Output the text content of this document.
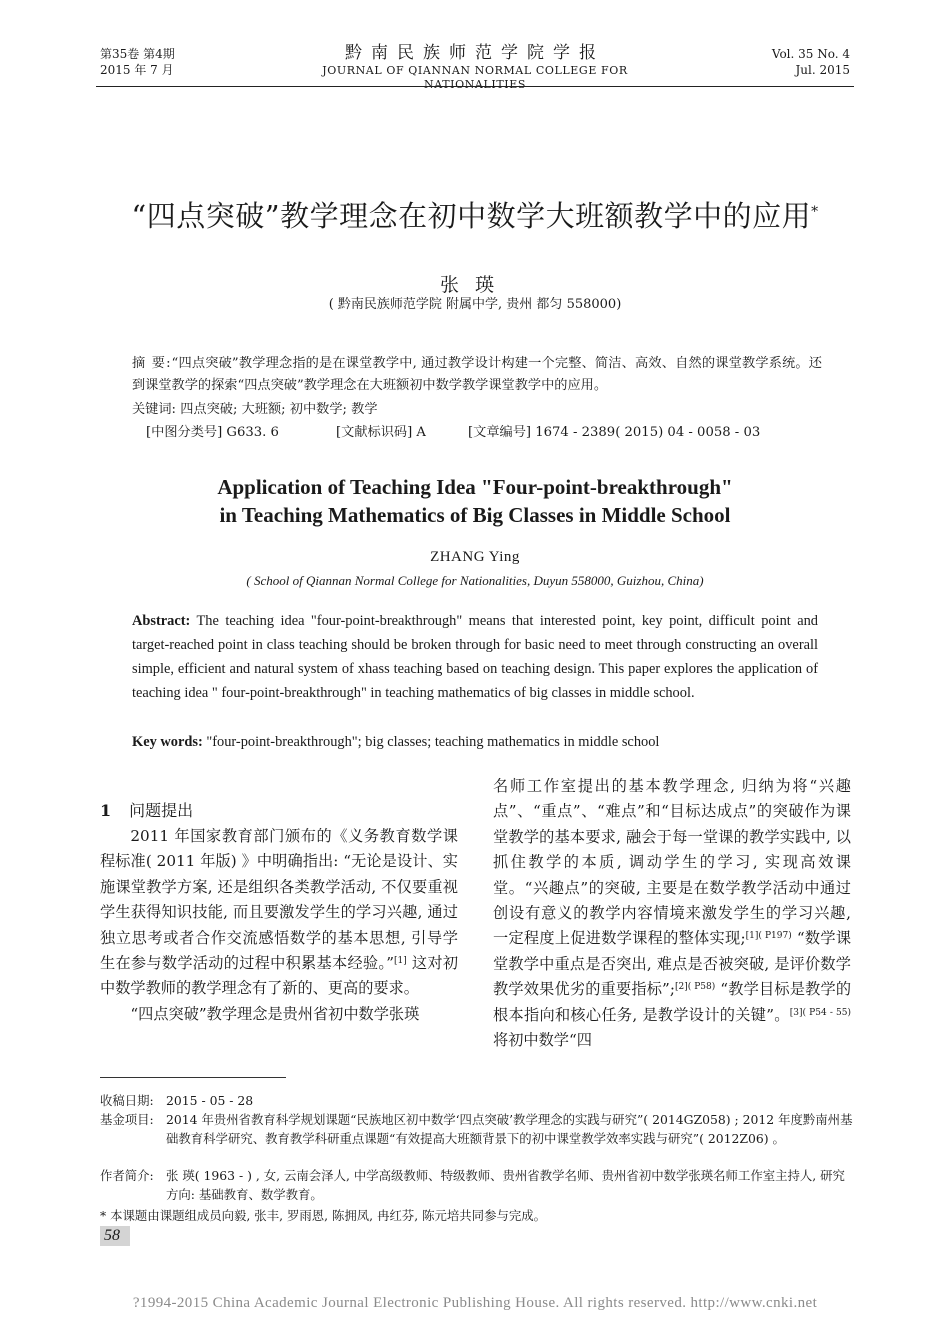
第35卷 第4期
2015 年 7 月
黔南民族师范学院学报
JOURNAL OF QIANNAN NORMAL COLLEGE FOR NATIONALITIES
Vol. 35 No. 4
Jul. 2015
“四点突破”教学理念在初中数学大班额教学中的应用*
张瑛
( 黔南民族师范学院 附属中学, 贵州 都匀 558000)
摘 要:“四点突破”教学理念指的是在课堂教学中, 通过教学设计构建一个完整、简洁、高效、自然的课堂教学系统。还到课堂教学的探索“四点突破”教学理念在大班额初中数学教学课堂教学中的应用。
关键词: 四点突破; 大班额; 初中数学; 教学
[中图分类号] G633. 6	[文献标识码] A	[文章编号] 1674 - 2389( 2015) 04 - 0058 - 03
Application of Teaching Idea "Four-point-breakthrough"
in Teaching Mathematics of Big Classes in Middle School
ZHANG Ying
( School of Qiannan Normal College for Nationalities, Duyun 558000, Guizhou, China)
Abstract: The teaching idea "four-point-breakthrough" means that interested point, key point, difficult point and target-reached point in class teaching should be broken through for basic need to meet through constructing an overall simple, efficient and natural system of xhass teaching based on teaching design. This paper explores the application of teaching idea " four-point-breakthrough" in teaching mathematics of big classes in middle school.
Key words: "four-point-breakthrough"; big classes; teaching mathematics in middle school
1 问题提出

2011 年国家教育部门颁布的《义务教育数学课程标准( 2011 年版) 》中明确指出: “无论是设计、实施课堂教学方案, 还是组织各类教学活动, 不仅要重视学生获得知识技能, 而且要激发学生的学习兴趣, 通过独立思考或者合作交流感悟数学的基本思想, 引导学生在参与数学活动的过程中积累基本经验。”[1] 这对初中数学教师的教学理念有了新的、更高的要求。

“四点突破”教学理念是贵州省初中数学张瑛

名师工作室提出的基本教学理念, 归纳为将“兴趣点”、“重点”、“难点”和“目标达成点”的突破作为课堂教学的基本要求, 融会于每一堂课的教学实践中, 以抓住教学的本质, 调动学生的学习, 实现高效课堂。“兴趣点”的突破, 主要是在数学教学活动中通过创设有意义的教学内容情境来激发学生的学习兴趣, 一定程度上促进数学课程的整体实现;$^{[1]( P197)}$ “数学课堂教学中重点是否突出, 难点是否被突破, 是评价数学教学效果优劣的重要指标”;$^{[2]( P58)}$ “教学目标是教学的根本指向和核心任务, 是教学设计的关键”。$^{[3]( P54 - 55)}$ 将初中数学“四

收稿日期: 2015 - 05 - 28
基金项目: 2014 年贵州省教育科学规划课题“民族地区初中数学‘四点突破’教学理念的实践与研究”( 2014GZ058) ; 2012 年度黔南州基础教育科学研究、教育教学科研重点课题“有效提高大班额背景下的初中课堂教学效率实践与研究”( 2012Z06) 。
作者简介: 张 瑛( 1963 - ) , 女, 云南会泽人, 中学高级教师、特级教师、贵州省教学名师、贵州省初中数学张瑛名师工作室主持人, 研究方向: 基础教育、数学教育。
* 本课题由课题组成员向毅, 张丰, 罗雨恩, 陈拥凤, 冉红芬, 陈元培共同参与完成。
58
?1994-2015 China Academic Journal Electronic Publishing House. All rights reserved. http://www.cnki.net
